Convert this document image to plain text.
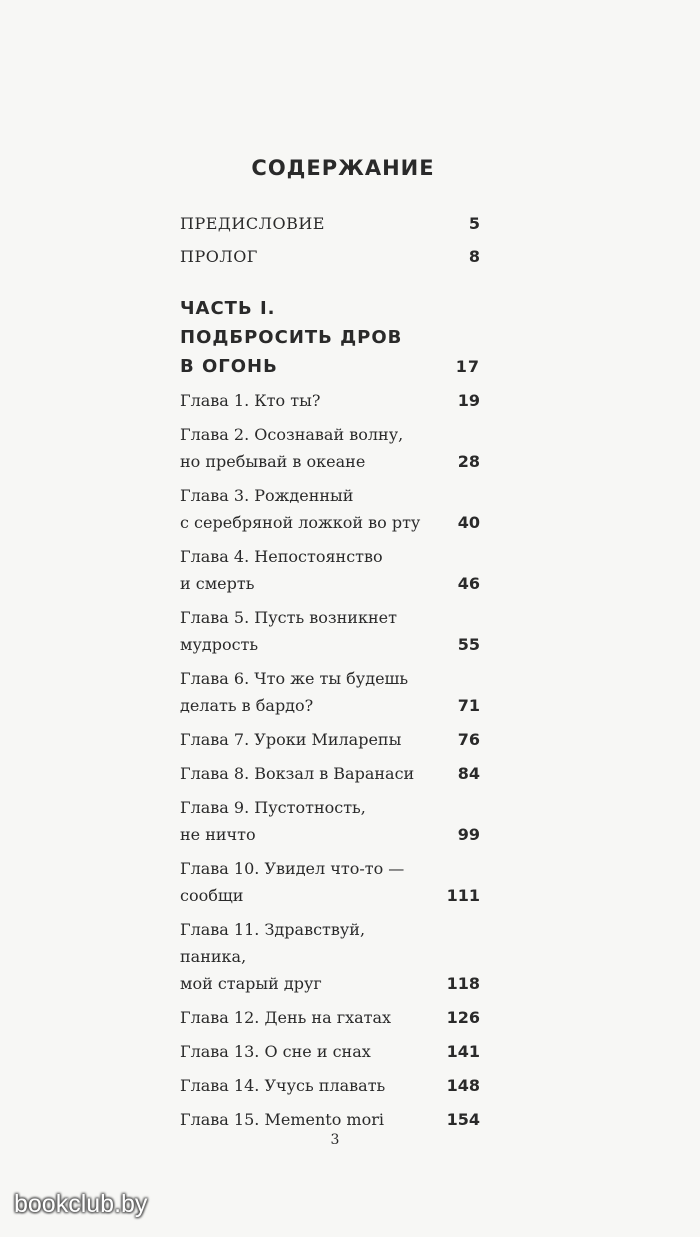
СОДЕРЖАНИЕ
ПРЕДИСЛОВИЕ	5
ПРОЛОГ	8
ЧАСТЬ I.
ПОДБРОСИТЬ ДРОВ
В ОГОНЬ	17
Глава 1. Кто ты?	19
Глава 2. Осознавай волну,
но пребывай в океане	28
Глава 3. Рожденный
с серебряной ложкой во рту	40
Глава 4. Непостоянство
и смерть	46
Глава 5. Пусть возникнет
мудрость	55
Глава 6. Что же ты будешь
делать в бардо?	71
Глава 7. Уроки Миларепы	76
Глава 8. Вокзал в Варанаси	84
Глава 9. Пустотность,
не ничто	99
Глава 10. Увидел что-то —
сообщи	111
Глава 11. Здравствуй, паника,
мой старый друг	118
Глава 12. День на гхатах	126
Глава 13. О сне и снах	141
Глава 14. Учусь плавать	148
Глава 15. Memento mori	154
3
bookclub.by
